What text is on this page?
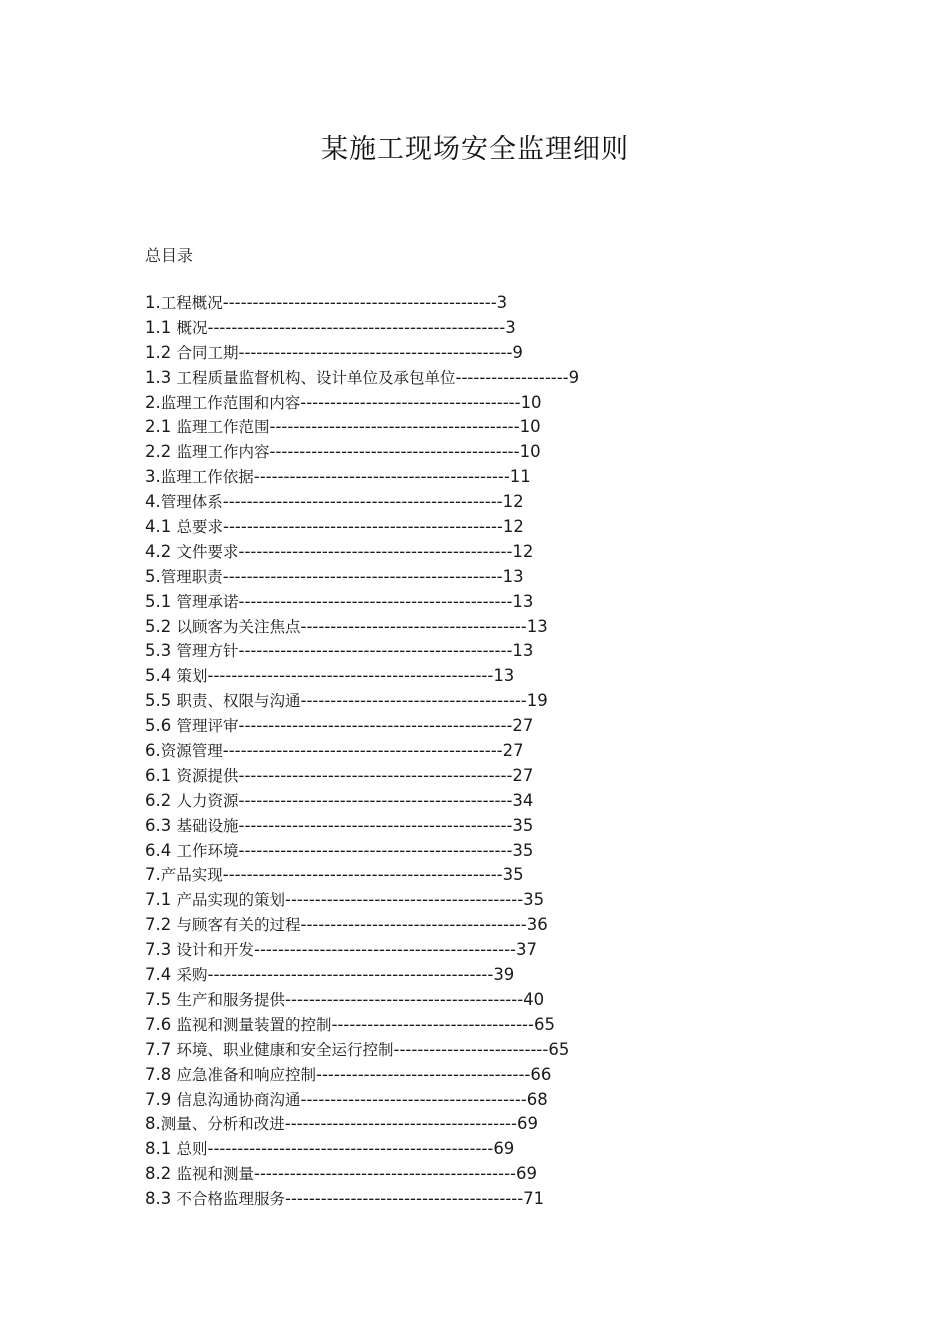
某施工现场安全监理细则
总目录
1.工程概况----------------------------------------------3
1.1 概况--------------------------------------------------3
1.2 合同工期----------------------------------------------9
1.3 工程质量监督机构、设计单位及承包单位-------------------9
2.监理工作范围和内容-------------------------------------10
2.1 监理工作范围------------------------------------------10
2.2 监理工作内容------------------------------------------10
3.监理工作依据-------------------------------------------11
4.管理体系-----------------------------------------------12
4.1 总要求-----------------------------------------------12
4.2 文件要求----------------------------------------------12
5.管理职责-----------------------------------------------13
5.1 管理承诺----------------------------------------------13
5.2 以顾客为关注焦点--------------------------------------13
5.3 管理方针----------------------------------------------13
5.4 策划------------------------------------------------13
5.5 职责、权限与沟通--------------------------------------19
5.6 管理评审----------------------------------------------27
6.资源管理-----------------------------------------------27
6.1 资源提供----------------------------------------------27
6.2 人力资源----------------------------------------------34
6.3 基础设施----------------------------------------------35
6.4 工作环境----------------------------------------------35
7.产品实现-----------------------------------------------35
7.1 产品实现的策划----------------------------------------35
7.2 与顾客有关的过程--------------------------------------36
7.3 设计和开发--------------------------------------------37
7.4 采购------------------------------------------------39
7.5 生产和服务提供----------------------------------------40
7.6 监视和测量装置的控制----------------------------------65
7.7 环境、职业健康和安全运行控制--------------------------65
7.8 应急准备和响应控制------------------------------------66
7.9 信息沟通协商沟通--------------------------------------68
8.测量、分析和改进---------------------------------------69
8.1 总则------------------------------------------------69
8.2 监视和测量--------------------------------------------69
8.3 不合格监理服务----------------------------------------71
